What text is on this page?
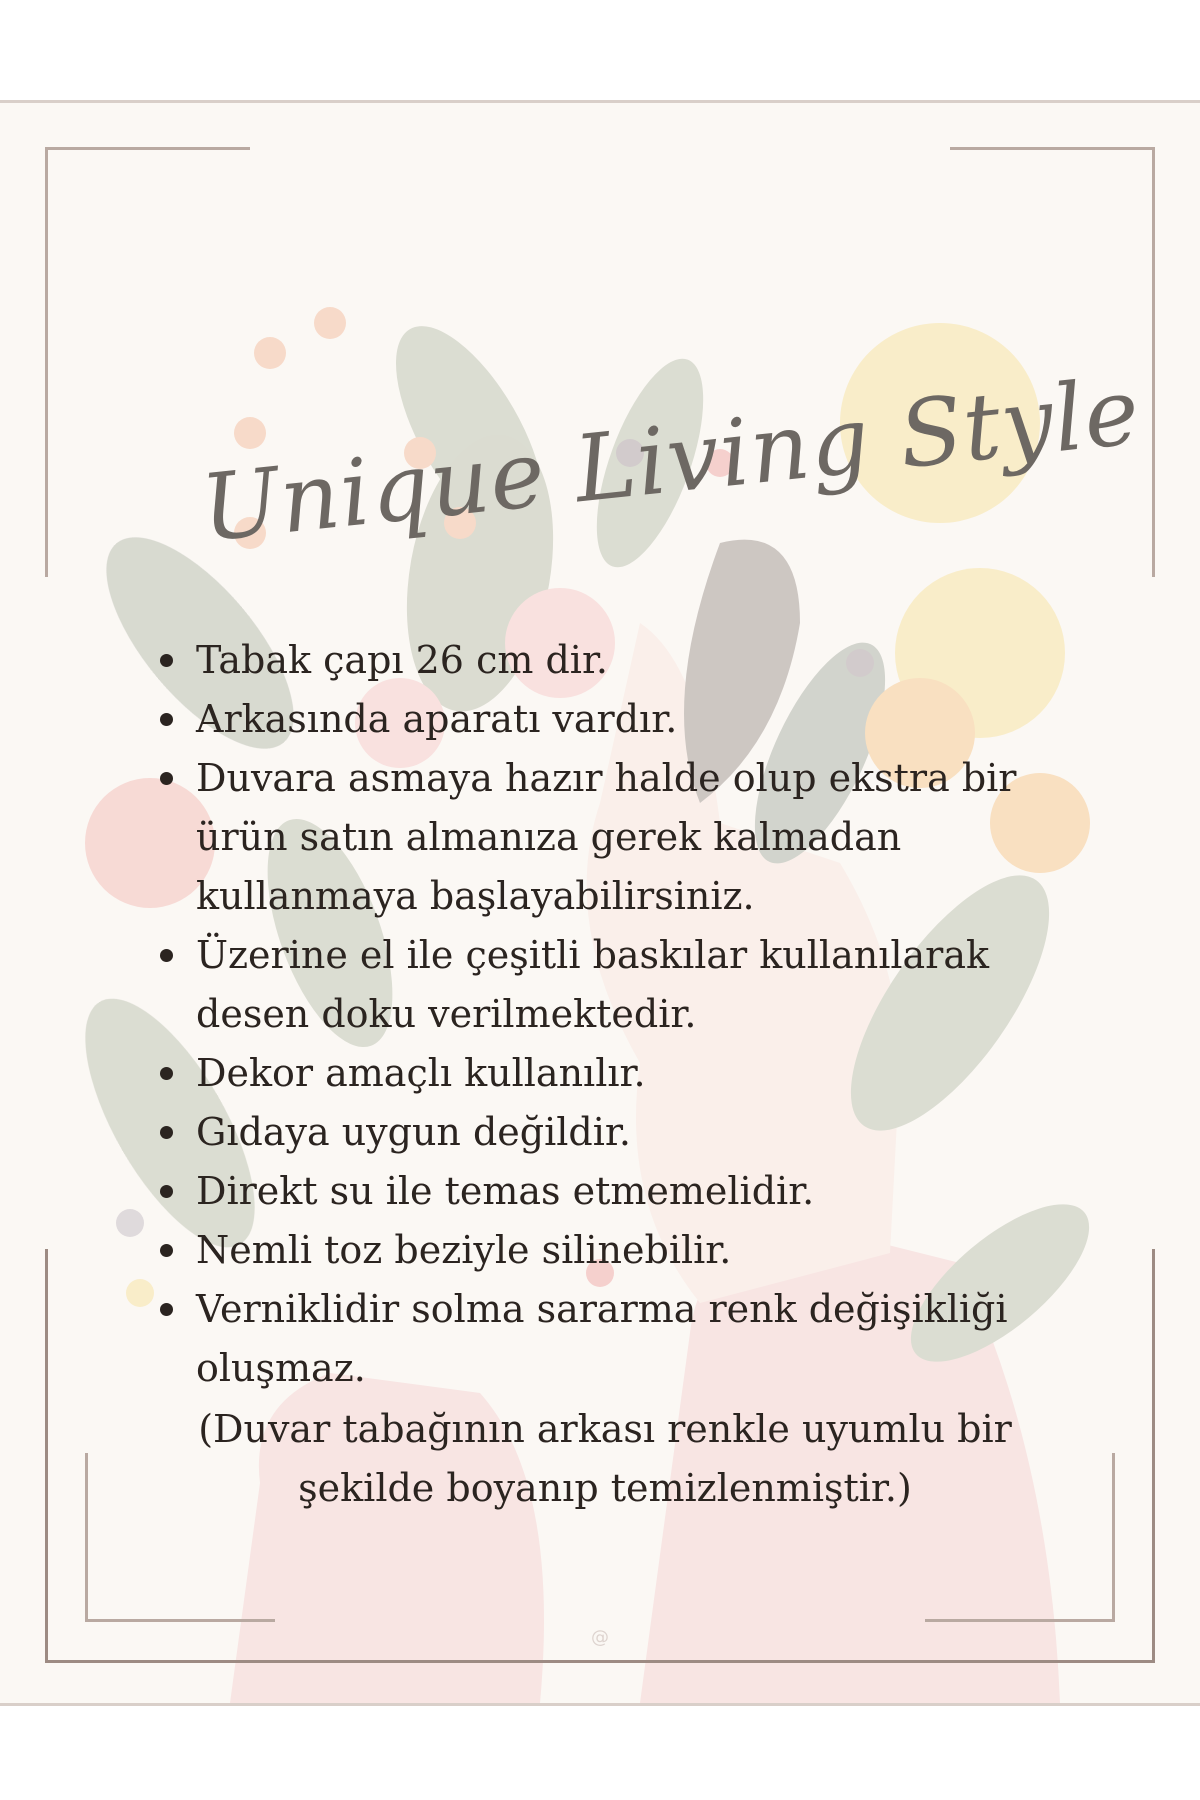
@
Unique Living Style
Tabak çapı 26 cm dir.
Arkasında aparatı vardır.
Duvara asmaya hazır halde olup ekstra bir ürün satın almanıza gerek kalmadan kullanmaya başlayabilirsiniz.
Üzerine el ile çeşitli baskılar kullanılarak desen doku verilmektedir.
Dekor amaçlı kullanılır.
Gıdaya uygun değildir.
Direkt su ile temas etmemelidir.
Nemli toz beziyle silinebilir.
Verniklidir solma sararma renk değişikliği oluşmaz.
(Duvar tabağının arkası renkle uyumlu bir şekilde boyanıp temizlenmiştir.)
